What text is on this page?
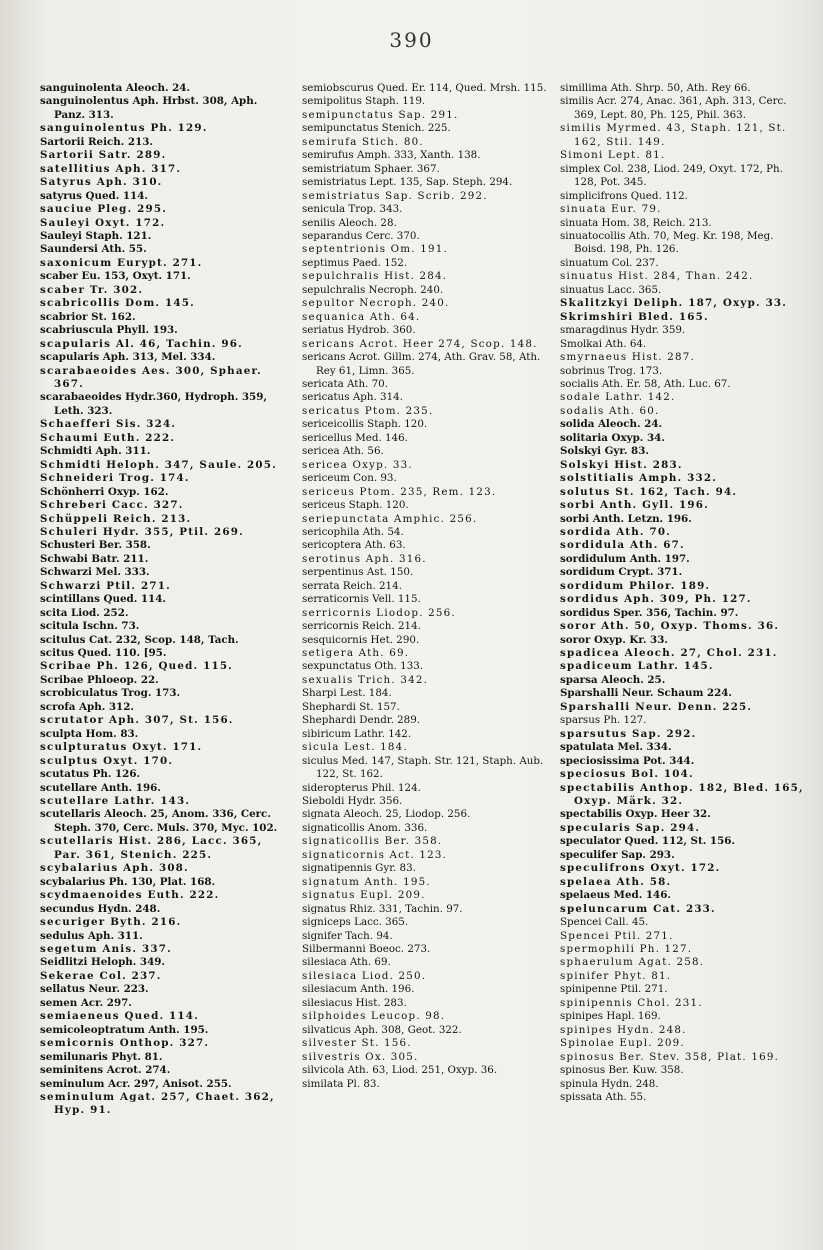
390
sanguinolenta Aleoch. 24.
sanguinolentus Aph. Hrbst. 308, Aph. Panz. 313.
sanguinolentus Ph. 129.
Sartorii Reich. 213.
Sartorii Satr. 289.
satellitius Aph. 317.
Satyrus Aph. 310.
satyrus Qued. 114.
sauciue Pleg. 295.
Sauleyi Oxyt. 172.
Sauleyi Staph. 121.
Saundersi Ath. 55.
saxonicum Eurypt. 271.
scaber Eu. 153, Oxyt. 171.
scaber Tr. 302.
scabricollis Dom. 145.
scabrior St. 162.
scabriuscula Phyll. 193.
scapularis Al. 46, Tachin. 96.
scapularis Aph. 313, Mel. 334.
scarabaeoides Aes. 300, Sphaer. 367.
scarabaeoides Hydr.360, Hydroph. 359, Leth. 323.
Schaefferi Sis. 324.
Schaumi Euth. 222.
Schmidti Aph. 311.
Schmidti Heloph. 347, Saule. 205.
Schneideri Trog. 174.
Schönherri Oxyp. 162.
Schreberi Cacc. 327.
Schüppeli Reich. 213.
Schuleri Hydr. 355, Ptil. 269.
Schusteri Ber. 358.
Schwabi Batr. 211.
Schwarzi Mel. 333.
Schwarzi Ptil. 271.
scintillans Qued. 114.
scita Liod. 252.
scitula Ischn. 73.
scitulus Cat. 232, Scop. 148, Tach.
scitus Qued. 110. [95.
Scribae Ph. 126, Qued. 115.
Scribae Phloeop. 22.
scrobiculatus Trog. 173.
scrofa Aph. 312.
scrutator Aph. 307, St. 156.
sculpta Hom. 83.
sculpturatus Oxyt. 171.
sculptus Oxyt. 170.
scutatus Ph. 126.
scutellare Anth. 196.
scutellare Lathr. 143.
scutellaris Aleoch. 25, Anom. 336, Cerc. Steph. 370, Cerc. Muls. 370, Myc. 102.
scutellaris Hist. 286, Lacc. 365, Par. 361, Stenich. 225.
scybalarius Aph. 308.
scybalarius Ph. 130, Plat. 168.
scydmaenoides Euth. 222.
secundus Hydn. 248.
securiger Byth. 216.
sedulus Aph. 311.
segetum Anis. 337.
Seidlitzi Heloph. 349.
Sekerae Col. 237.
sellatus Neur. 223.
semen Acr. 297.
semiaeneus Qued. 114.
semicoleoptratum Anth. 195.
semicornis Onthop. 327.
semilunaris Phyt. 81.
seminitens Acrot. 274.
seminulum Acr. 297, Anisot. 255.
seminulum Agat. 257, Chaet. 362, Hyp. 91.
semiobscurus Qued. Er. 114, Qued. Mrsh. 115.
semipolitus Staph. 119.
semipunctatus Sap. 291.
semipunctatus Stenich. 225.
semirufa Stich. 80.
semirufus Amph. 333, Xanth. 138.
semistriatum Sphaer. 367.
semistriatus Lept. 135, Sap. Steph. 294.
semistriatus Sap. Scrib. 292.
senicula Trop. 343.
senilis Aleoch. 28.
separandus Cerc. 370.
septentrionis Om. 191.
septimus Paed. 152.
sepulchralis Hist. 284.
sepulchralis Necroph. 240.
sepultor Necroph. 240.
sequanica Ath. 64.
seriatus Hydrob. 360.
sericans Acrot. Heer 274, Scop. 148.
sericans Acrot. Gillm. 274, Ath. Grav. 58, Ath. Rey 61, Limn. 365.
sericata Ath. 70.
sericatus Aph. 314.
sericatus Ptom. 235.
sericeicollis Staph. 120.
sericellus Med. 146.
sericea Ath. 56.
sericea Oxyp. 33.
sericeum Con. 93.
sericeus Ptom. 235, Rem. 123.
sericeus Staph. 120.
seriepunctata Amphic. 256.
sericophila Ath. 54.
sericoptera Ath. 63.
serotinus Aph. 316.
serpentinus Ast. 150.
serrata Reich. 214.
serraticornis Vell. 115.
serricornis Liodop. 256.
serricornis Reich. 214.
sesquicornis Het. 290.
setigera Ath. 69.
sexpunctatus Oth. 133.
sexualis Trich. 342.
Sharpi Lest. 184.
Shephardi St. 157.
Shephardi Dendr. 289.
sibiricum Lathr. 142.
sicula Lest. 184.
siculus Med. 147, Staph. Str. 121, Staph. Aub. 122, St. 162.
sideropterus Phil. 124.
Sieboldi Hydr. 356.
signata Aleoch. 25, Liodop. 256.
signaticollis Anom. 336.
signaticollis Ber. 358.
signaticornis Act. 123.
signatipennis Gyr. 83.
signatum Anth. 195.
signatus Eupl. 209.
signatus Rhiz. 331, Tachin. 97.
signiceps Lacc. 365.
signifer Tach. 94.
Silbermanni Boeoc. 273.
silesiaca Ath. 69.
silesiaca Liod. 250.
silesiacum Anth. 196.
silesiacus Hist. 283.
silphoides Leucop. 98.
silvaticus Aph. 308, Geot. 322.
silvester St. 156.
silvestris Ox. 305.
silvicola Ath. 63, Liod. 251, Oxyp. 36.
similata Pl. 83.
simillima Ath. Shrp. 50, Ath. Rey 66.
similis Acr. 274, Anac. 361, Aph. 313, Cerc. 369, Lept. 80, Ph. 125, Phil. 363.
similis Myrmed. 43, Staph. 121, St. 162, Stil. 149.
Simoni Lept. 81.
simplex Col. 238, Liod. 249, Oxyt. 172, Ph. 128, Pot. 345.
simplicifrons Qued. 112.
sinuata Eur. 79.
sinuata Hom. 38, Reich. 213.
sinuatocollis Ath. 70, Meg. Kr. 198, Meg. Boisd. 198, Ph. 126.
sinuatum Col. 237.
sinuatus Hist. 284, Than. 242.
sinuatus Lacc. 365.
Skalitzkyi Deliph. 187, Oxyp. 33.
Skrimshiri Bled. 165.
smaragdinus Hydr. 359.
Smolkai Ath. 64.
smyrnaeus Hist. 287.
sobrinus Trog. 173.
socialis Ath. Er. 58, Ath. Luc. 67.
sodale Lathr. 142.
sodalis Ath. 60.
solida Aleoch. 24.
solitaria Oxyp. 34.
Solskyi Gyr. 83.
Solskyi Hist. 283.
solstitialis Amph. 332.
solutus St. 162, Tach. 94.
sorbi Anth. Gyll. 196.
sorbi Anth. Letzn. 196.
sordida Ath. 70.
sordidula Ath. 67.
sordidulum Anth. 197.
sordidum Crypt. 371.
sordidum Philor. 189.
sordidus Aph. 309, Ph. 127.
sordidus Sper. 356, Tachin. 97.
soror Ath. 50, Oxyp. Thoms. 36.
soror Oxyp. Kr. 33.
spadicea Aleoch. 27, Chol. 231.
spadiceum Lathr. 145.
sparsa Aleoch. 25.
Sparshalli Neur. Schaum 224.
Sparshalli Neur. Denn. 225.
sparsus Ph. 127.
sparsutus Sap. 292.
spatulata Mel. 334.
speciosissima Pot. 344.
speciosus Bol. 104.
spectabilis Anthop. 182, Bled. 165, Oxyp. Märk. 32.
spectabilis Oxyp. Heer 32.
specularis Sap. 294.
speculator Qued. 112, St. 156.
speculifer Sap. 293.
speculifrons Oxyt. 172.
spelaea Ath. 58.
spelaeus Med. 146.
speluncarum Cat. 233.
Spencei Call. 45.
Spencei Ptil. 271.
spermophili Ph. 127.
sphaerulum Agat. 258.
spinifer Phyt. 81.
spinipenne Ptil. 271.
spinipennis Chol. 231.
spinipes Hapl. 169.
spinipes Hydn. 248.
Spinolae Eupl. 209.
spinosus Ber. Stev. 358, Plat. 169.
spinosus Ber. Kuw. 358.
spinula Hydn. 248.
spissata Ath. 55.
